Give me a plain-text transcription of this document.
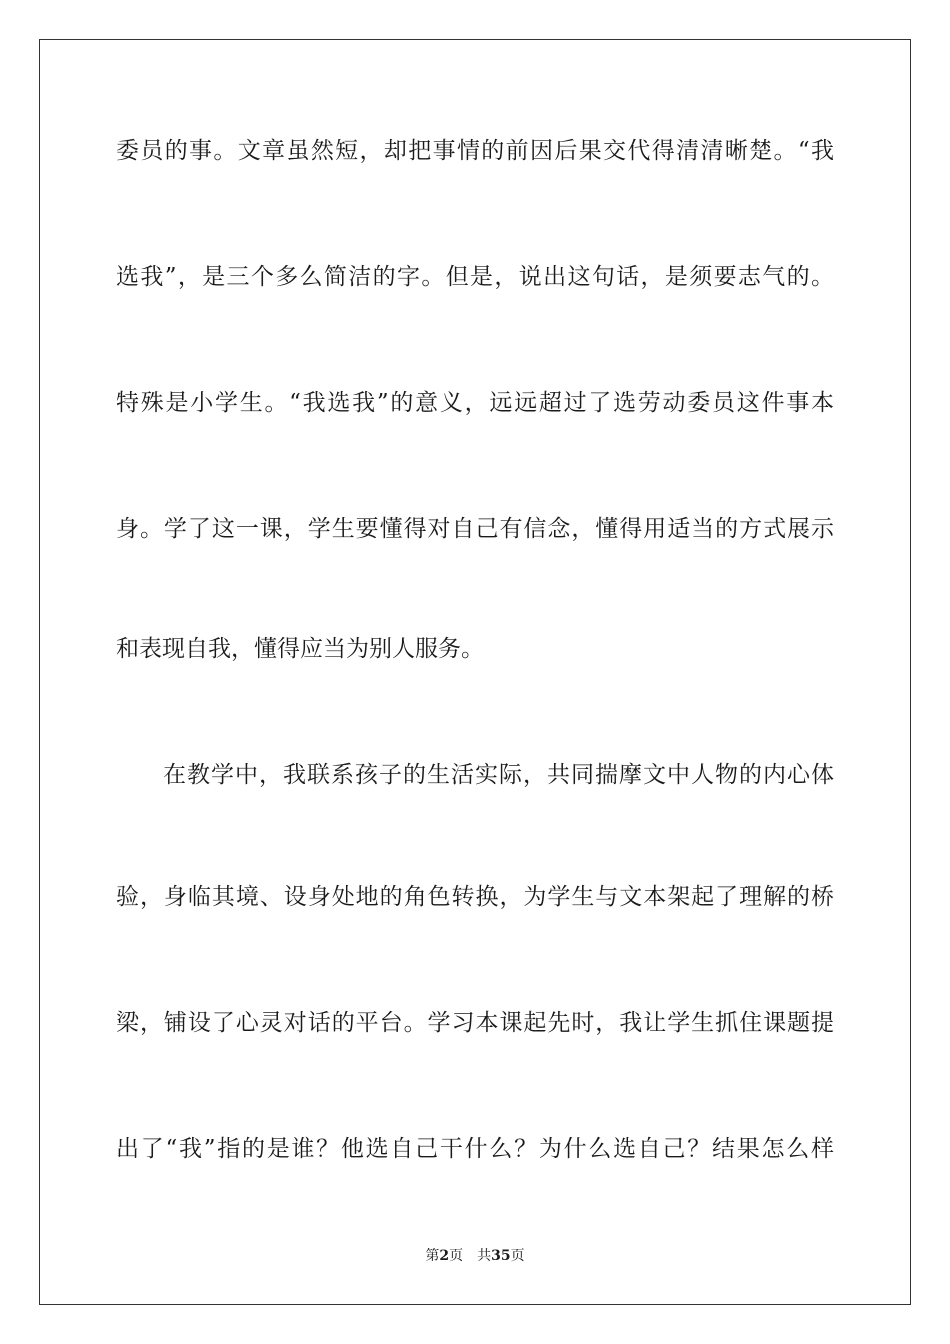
委员的事。文章虽然短，却把事情的前因后果交代得清清晰楚。“我
选我”，是三个多么简洁的字。但是，说出这句话，是须要志气的。
特殊是小学生。“我选我”的意义，远远超过了选劳动委员这件事本
身。学了这一课，学生要懂得对自己有信念，懂得用适当的方式展示
和表现自我，懂得应当为别人服务。
在教学中，我联系孩子的生活实际，共同揣摩文中人物的内心体
验，身临其境、设身处地的角色转换，为学生与文本架起了理解的桥
梁，铺设了心灵对话的平台。学习本课起先时，我让学生抓住课题提
出了“我”指的是谁？他选自己干什么？为什么选自己？结果怎么样
第2页 共35页
